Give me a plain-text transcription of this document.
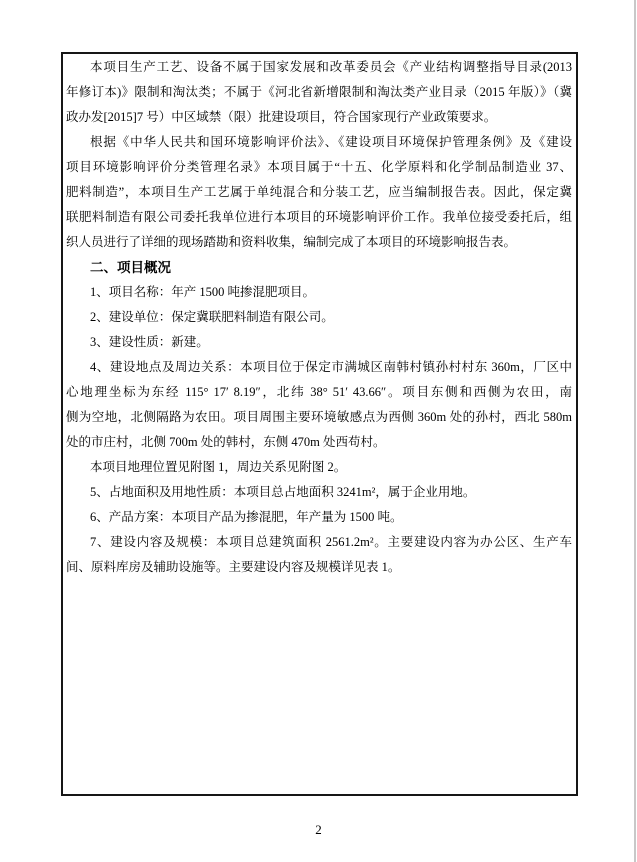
本项目生产工艺、设备不属于国家发展和改革委员会《产业结构调整指导目录(2013
年修订本)》限制和淘汰类；不属于《河北省新增限制和淘汰类产业目录（2015 年版）》（冀
政办发[2015]7 号）中区域禁（限）批建设项目，符合国家现行产业政策要求。
根据《中华人民共和国环境影响评价法》、《建设项目环境保护管理条例》及《建设
项目环境影响评价分类管理名录》本项目属于“十五、化学原料和化学制品制造业 37、
肥料制造”，本项目生产工艺属于单纯混合和分装工艺，应当编制报告表。因此，保定冀
联肥料制造有限公司委托我单位进行本项目的环境影响评价工作。我单位接受委托后，组
织人员进行了详细的现场踏勘和资料收集，编制完成了本项目的环境影响报告表。
二、项目概况
1、项目名称：年产 1500 吨掺混肥项目。
2、建设单位：保定冀联肥料制造有限公司。
3、建设性质：新建。
4、建设地点及周边关系：本项目位于保定市满城区南韩村镇孙村村东 360m，厂区中
心地理坐标为东经 115° 17′ 8.19″，北纬 38° 51′ 43.66″。项目东侧和西侧为农田，南
侧为空地，北侧隔路为农田。项目周围主要环境敏感点为西侧 360m 处的孙村，西北 580m
处的市庄村，北侧 700m 处的韩村，东侧 470m 处西苟村。
本项目地理位置见附图 1，周边关系见附图 2。
5、占地面积及用地性质：本项目总占地面积 3241m²，属于企业用地。
6、产品方案：本项目产品为掺混肥，年产量为 1500 吨。
7、建设内容及规模：本项目总建筑面积 2561.2m²。主要建设内容为办公区、生产车
间、原料库房及辅助设施等。主要建设内容及规模详见表 1。
2
